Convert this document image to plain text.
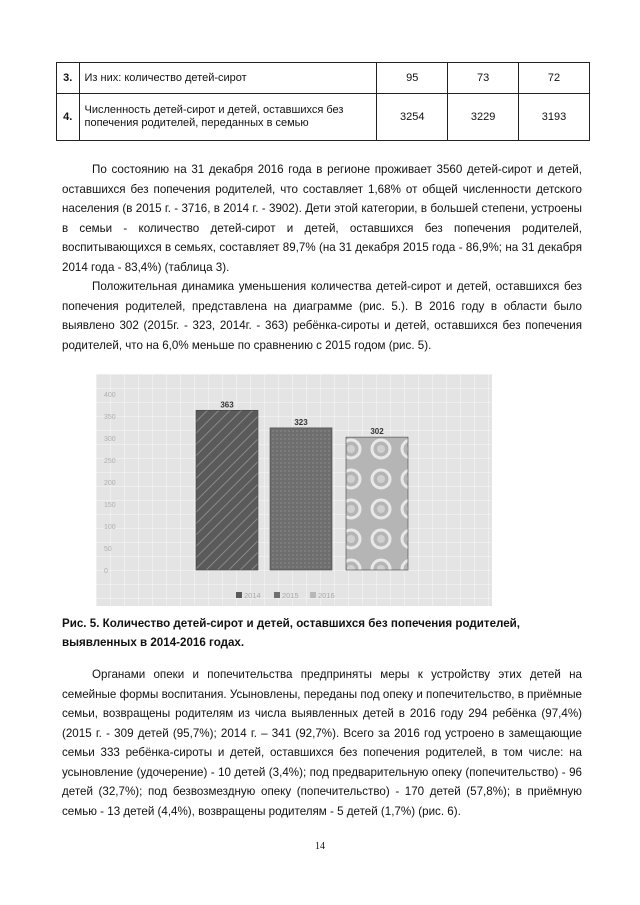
3.	Из них: количество детей-сирот	95	73	72
4.	Численность детей-сирот и детей, оставшихся без попечения родителей, переданных в семью	3254	3229	3193

По состоянию на 31 декабря 2016 года в регионе проживает 3560 детей-сирот и детей, оставшихся без попечения родителей, что составляет 1,68% от общей численности детского населения (в 2015 г. - 3716, в 2014 г. - 3902). Дети этой категории, в большей степени, устроены в семьи - количество детей-сирот и детей, оставшихся без попечения родителей, воспитывающихся в семьях, составляет 89,7% (на 31 декабря 2015 года - 86,9%; на 31 декабря 2014 года - 83,4%) (таблица 3).

Положительная динамика уменьшения количества детей-сирот и детей, оставшихся без попечения родителей, представлена на диаграмме (рис. 5.). В 2016 году в области было выявлено 302 (2015г. - 323, 2014г. - 363) ребёнка-сироты и детей, оставшихся без попечения родителей, что на 6,0% меньше по сравнению с 2015 годом (рис. 5).

400
350
300
250
200
150
100
50
0
363
323
302
2014	2015	2016

Рис. 5. Количество детей-сирот и детей, оставшихся без попечения родителей, выявленных в 2014-2016 годах.

Органами опеки и попечительства предприняты меры к устройству этих детей на семейные формы воспитания. Усыновлены, переданы под опеку и попечительство, в приёмные семьи, возвращены родителям из числа выявленных детей в 2016 году 294 ребёнка (97,4%) (2015 г. - 309 детей (95,7%); 2014 г. – 341 (92,7%). Всего за 2016 год устроено в замещающие семьи 333 ребёнка-сироты и детей, оставшихся без попечения родителей, в том числе: на усыновление (удочерение) - 10 детей (3,4%); под предварительную опеку (попечительство) - 96 детей (32,7%); под безвозмездную опеку (попечительство) - 170 детей (57,8%); в приёмную семью - 13 детей (4,4%), возвращены родителям - 5 детей (1,7%) (рис. 6).

14
